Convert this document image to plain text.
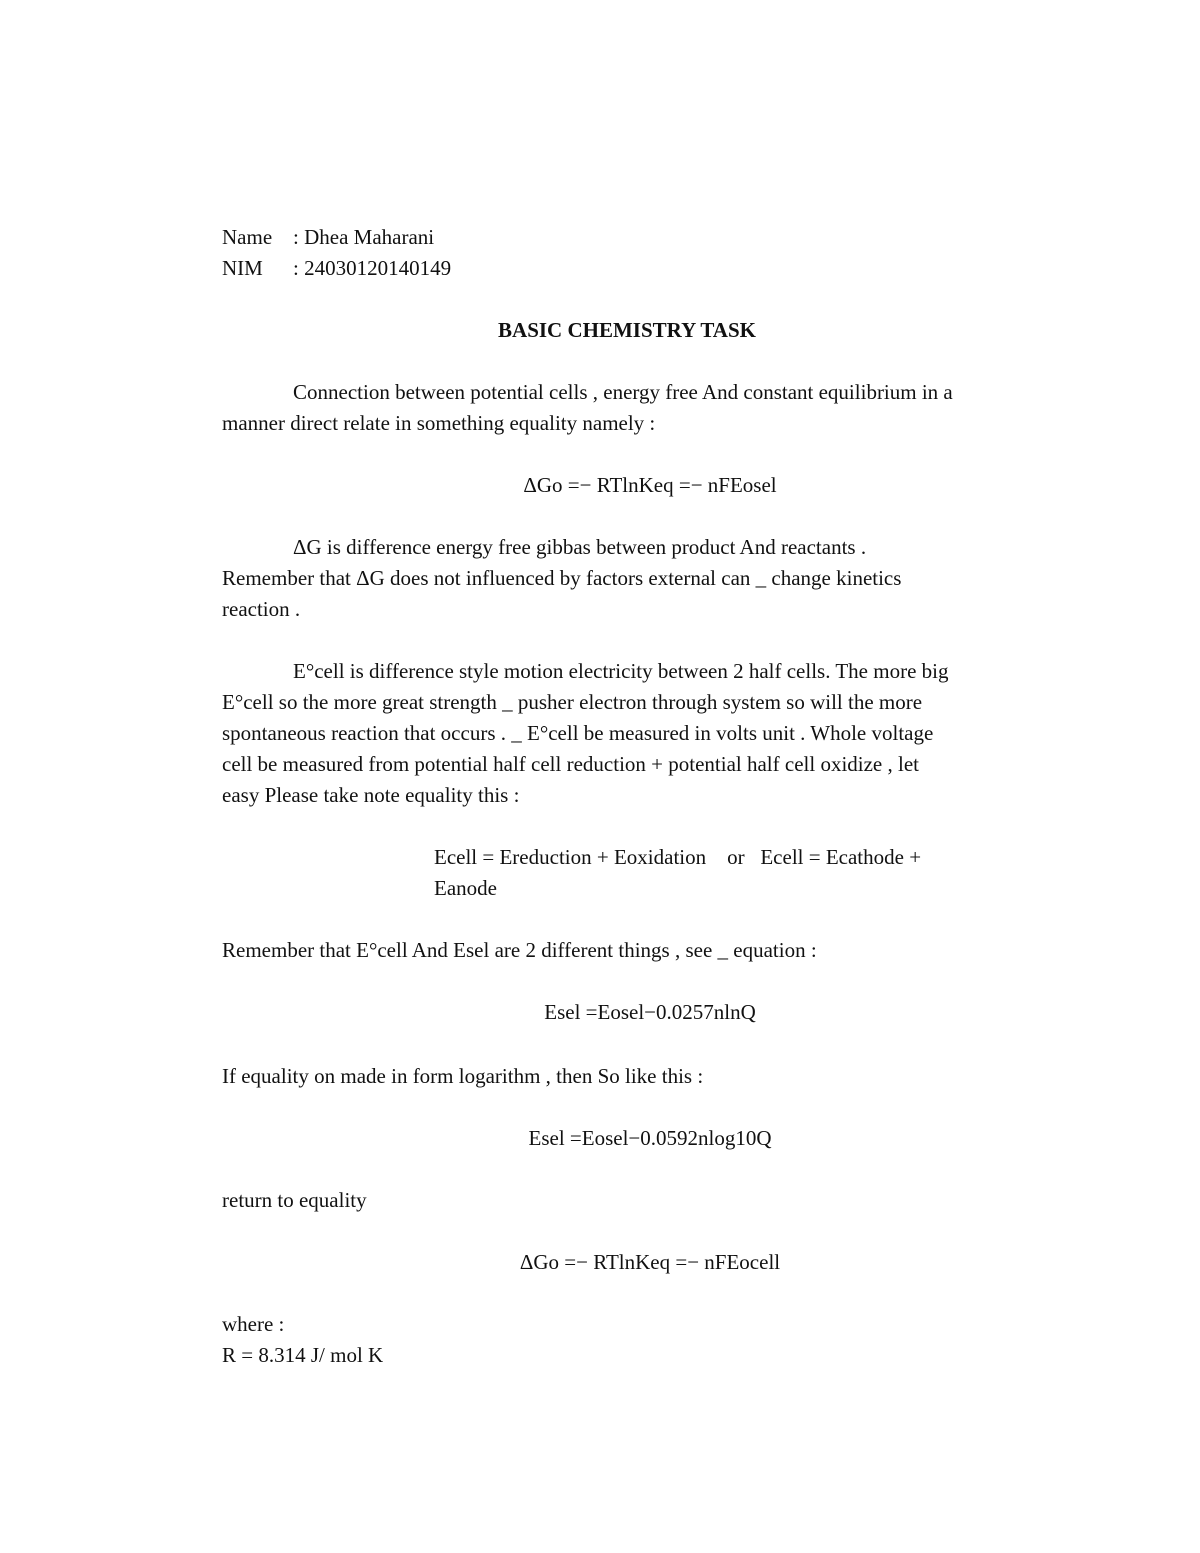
Name : Dhea Maharani
NIM : 24030120140149
BASIC CHEMISTRY TASK
Connection between potential cells , energy free And constant equilibrium in a
manner direct relate in something equality namely :
ΔGo =− RTlnKeq =− nFEosel
ΔG is difference energy free gibbas between product And reactants .
Remember that ΔG does not influenced by factors external can _ change kinetics
reaction .
E°cell is difference style motion electricity between 2 half cells. The more big
E°cell so the more great strength _ pusher electron through system so will the more
spontaneous reaction that occurs . _ E°cell be measured in volts unit . Whole voltage
cell be measured from potential half cell reduction + potential half cell oxidize , let
easy Please take note equality this :
Ecell = Ereduction + Eoxidation    or   Ecell = Ecathode +
Eanode
Remember that E°cell And Esel are 2 different things , see _ equation :
Esel =Eosel−0.0257nlnQ
If equality on made in form logarithm , then So like this :
Esel =Eosel−0.0592nlog10Q
return to equality
ΔGo =− RTlnKeq =− nFEocell
where :
R = 8.314 J/ mol K
